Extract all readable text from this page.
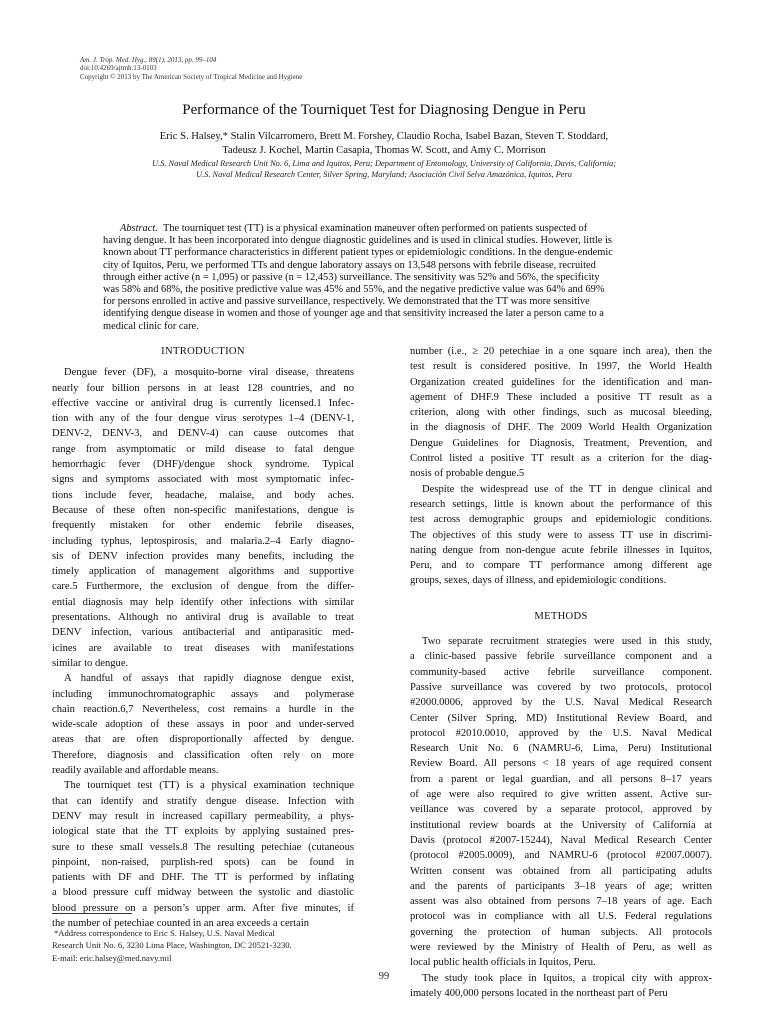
Am. J. Trop. Med. Hyg., 89(1), 2013, pp. 99–104
doi:10.4269/ajtmh.13-0103
Copyright © 2013 by The American Society of Tropical Medicine and Hygiene
Performance of the Tourniquet Test for Diagnosing Dengue in Peru
Eric S. Halsey,* Stalin Vilcarromero, Brett M. Forshey, Claudio Rocha, Isabel Bazan, Steven T. Stoddard,
Tadeusz J. Kochel, Martin Casapia, Thomas W. Scott, and Amy C. Morrison
U.S. Naval Medical Research Unit No. 6, Lima and Iquitos, Peru; Department of Entomology, University of California, Davis, California;
U.S. Naval Medical Research Center, Silver Spring, Maryland; Asociación Civil Selva Amazónica, Iquitos, Peru
Abstract. The tourniquet test (TT) is a physical examination maneuver often performed on patients suspected of
having dengue. It has been incorporated into dengue diagnostic guidelines and is used in clinical studies. However, little is
known about TT performance characteristics in different patient types or epidemiologic conditions. In the dengue-endemic
city of Iquitos, Peru, we performed TTs and dengue laboratory assays on 13,548 persons with febrile disease, recruited
through either active (n = 1,095) or passive (n = 12,453) surveillance. The sensitivity was 52% and 56%, the specificity
was 58% and 68%, the positive predictive value was 45% and 55%, and the negative predictive value was 64% and 69%
for persons enrolled in active and passive surveillance, respectively. We demonstrated that the TT was more sensitive
identifying dengue disease in women and those of younger age and that sensitivity increased the later a person came to a
medical clinic for care.
INTRODUCTION
Dengue fever (DF), a mosquito-borne viral disease, threatens
nearly four billion persons in at least 128 countries, and no
effective vaccine or antiviral drug is currently licensed.1 Infec-
tion with any of the four dengue virus serotypes 1–4 (DENV-1,
DENV-2, DENV-3, and DENV-4) can cause outcomes that
range from asymptomatic or mild disease to fatal dengue
hemorrhagic fever (DHF)/dengue shock syndrome. Typical
signs and symptoms associated with most symptomatic infec-
tions include fever, headache, malaise, and body aches.
Because of these often non-specific manifestations, dengue is
frequently mistaken for other endemic febrile diseases,
including typhus, leptospirosis, and malaria.2–4 Early diagno-
sis of DENV infection provides many benefits, including the
timely application of management algorithms and supportive
care.5 Furthermore, the exclusion of dengue from the differ-
ential diagnosis may help identify other infections with similar
presentations. Although no antiviral drug is available to treat
DENV infection, various antibacterial and antiparasitic med-
icines are available to treat diseases with manifestations
similar to dengue.
A handful of assays that rapidly diagnose dengue exist,
including immunochromatographic assays and polymerase
chain reaction.6,7 Nevertheless, cost remains a hurdle in the
wide-scale adoption of these assays in poor and under-served
areas that are often disproportionally affected by dengue.
Therefore, diagnosis and classification often rely on more
readily available and affordable means.
The tourniquet test (TT) is a physical examination technique
that can identify and stratify dengue disease. Infection with
DENV may result in increased capillary permeability, a phys-
iological state that the TT exploits by applying sustained pres-
sure to these small vessels.8 The resulting petechiae (cutaneous
pinpoint, non-raised, purplish-red spots) can be found in
patients with DF and DHF. The TT is performed by inflating
a blood pressure cuff midway between the systolic and diastolic
blood pressure on a person’s upper arm. After five minutes, if
the number of petechiae counted in an area exceeds a certain
number (i.e., ≥ 20 petechiae in a one square inch area), then the
test result is considered positive. In 1997, the World Health
Organization created guidelines for the identification and man-
agement of DHF.9 These included a positive TT result as a
criterion, along with other findings, such as mucosal bleeding,
in the diagnosis of DHF. The 2009 World Health Organization
Dengue Guidelines for Diagnosis, Treatment, Prevention, and
Control listed a positive TT result as a criterion for the diag-
nosis of probable dengue.5
Despite the widespread use of the TT in dengue clinical and
research settings, little is known about the performance of this
test across demographic groups and epidemiologic conditions.
The objectives of this study were to assess TT use in discrimi-
nating dengue from non-dengue acute febrile illnesses in Iquitos,
Peru, and to compare TT performance among different age
groups, sexes, days of illness, and epidemiologic conditions.
METHODS
Two separate recruitment strategies were used in this study,
a clinic-based passive febrile surveillance component and a
community-based active febrile surveillance component.
Passive surveillance was covered by two protocols, protocol
#2000.0006, approved by the U.S. Naval Medical Research
Center (Silver Spring, MD) Institutional Review Board, and
protocol #2010.0010, approved by the U.S. Naval Medical
Research Unit No. 6 (NAMRU-6, Lima, Peru) Institutional
Review Board. All persons < 18 years of age required consent
from a parent or legal guardian, and all persons 8–17 years
of age were also required to give written assent. Active sur-
veillance was covered by a separate protocol, approved by
institutional review boards at the University of California at
Davis (protocol #2007-15244), Naval Medical Research Center
(protocol #2005.0009), and NAMRU-6 (protocol #2007.0007).
Written consent was obtained from all participating adults
and the parents of participants 3–18 years of age; written
assent was also obtained from persons 7–18 years of age. Each
protocol was in compliance with all U.S. Federal regulations
governing the protection of human subjects. All protocols
were reviewed by the Ministry of Health of Peru, as well as
local public health officials in Iquitos, Peru.
The study took place in Iquitos, a tropical city with approx-
imately 400,000 persons located in the northeast part of Peru
*Address correspondence to Eric S. Halsey, U.S. Naval Medical
Research Unit No. 6, 3230 Lima Place, Washington, DC 20521-3230.
E-mail: eric.halsey@med.navy.mil
99
